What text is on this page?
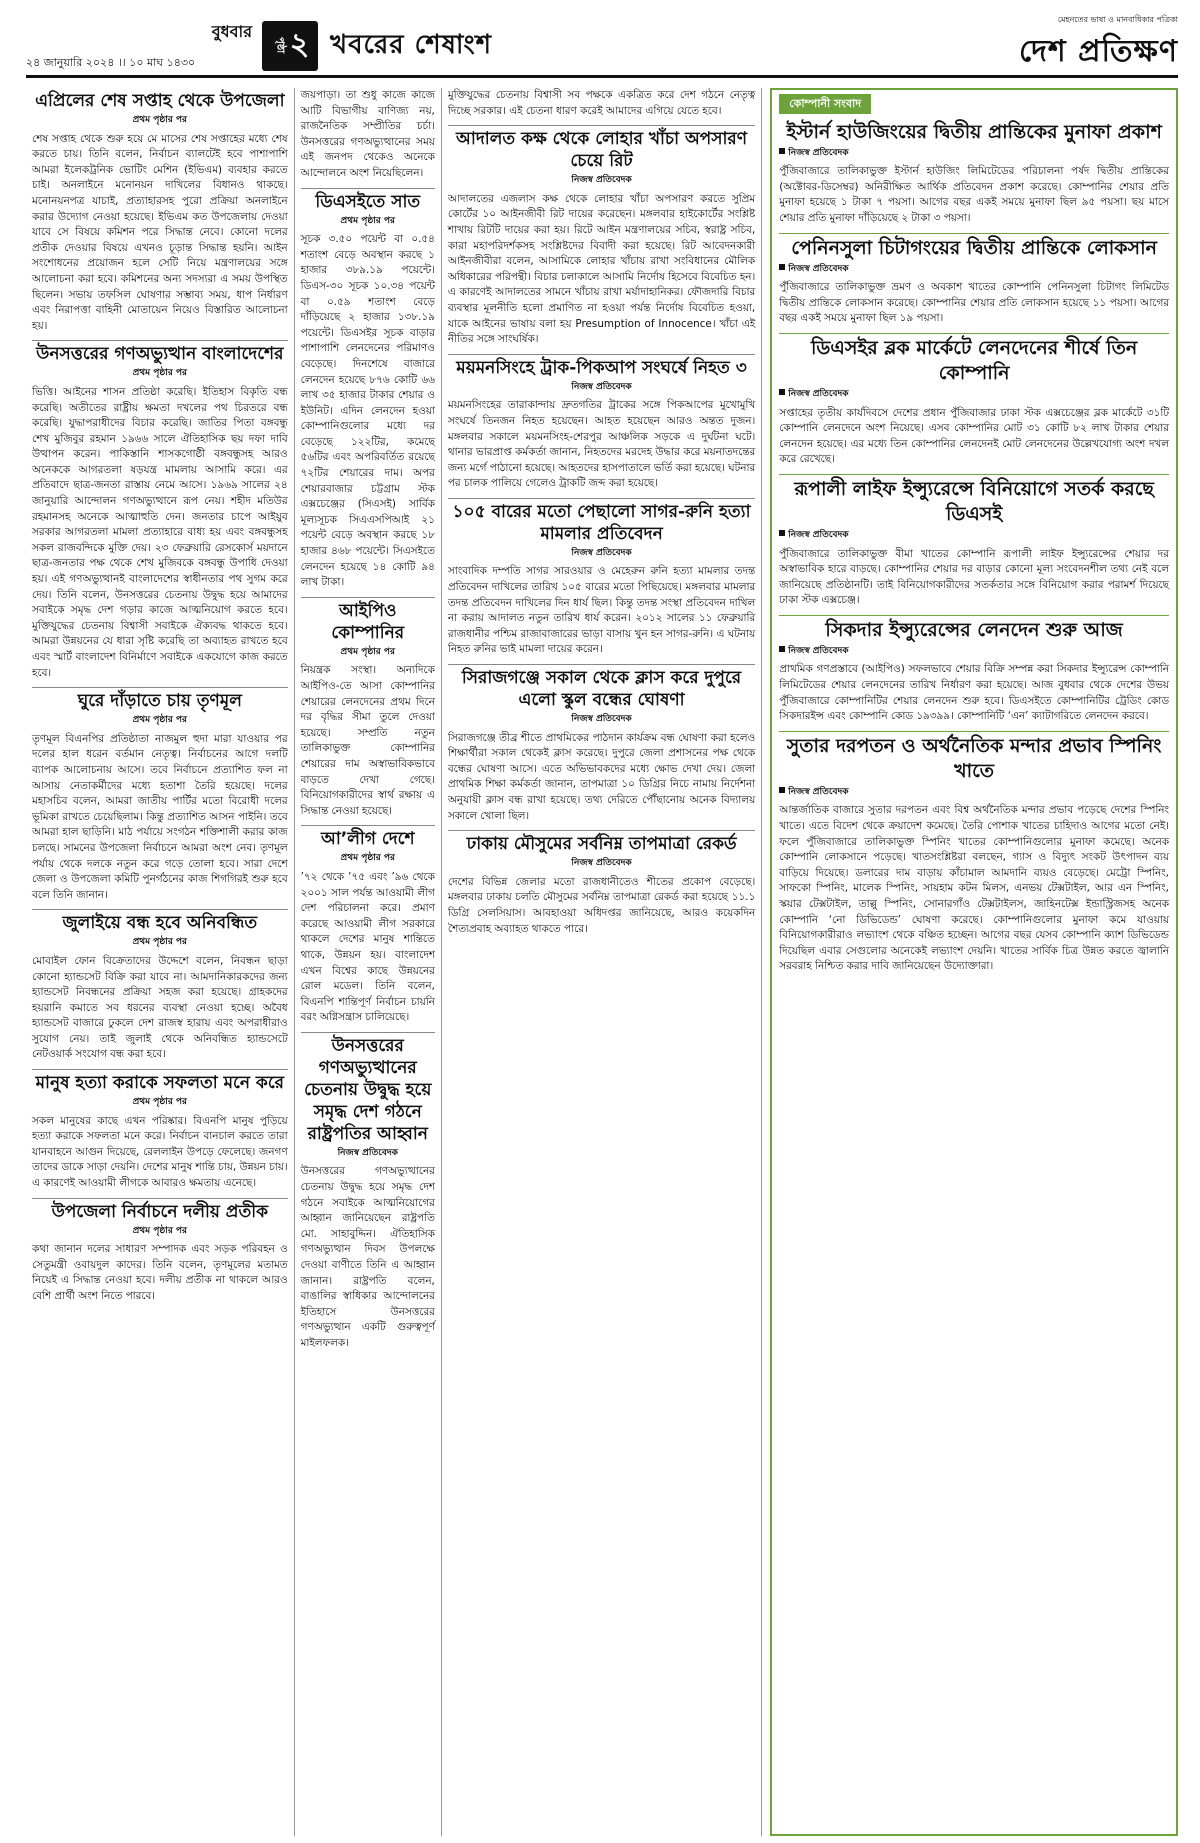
বুধবার
২৪ জানুয়ারি ২০২৪ ।। ১০ মাঘ ১৪৩০
পৃষ্ঠা ২ খবরের শেষাংশ
মেহনতের ভাষা ও মানবাধিকার পত্রিকা
দেশ প্রতিক্ষণ
এপ্রিলের শেষ সপ্তাহ থেকে উপজেলা
প্রথম পৃষ্ঠার পর
শেষ সপ্তাহ থেকে শুরু হয়ে মে মাসের শেষ সপ্তাহের মধ্যে শেষ করতে চায়। তিনি বলেন, নির্বাচন ব্যালটেই হবে পাশাপাশি আমরা ইলেকট্রনিক ভোটিং মেশিন (ইভিএম) ব্যবহার করতে চাই। অনলাইনে মনোনয়ন দাখিলের বিধানও থাকছে। মনোনয়নপত্র যাচাই, প্রত্যাহারসহ পুরো প্রক্রিয়া অনলাইনে করার উদ্যোগ নেওয়া হয়েছে। ইভিএম কত উপজেলায় দেওয়া যাবে সে বিষয়ে কমিশন পরে সিদ্ধান্ত নেবে। কোনো দলের প্রতীক দেওয়ার বিষয়ে এখনও চূড়ান্ত সিদ্ধান্ত হয়নি। আইন সংশোধনের প্রয়োজন হলে সেটি নিয়ে মন্ত্রণালয়ের সঙ্গে আলোচনা করা হবে। কমিশনের অন্য সদস্যরা এ সময় উপস্থিত ছিলেন। সভায় তফসিল ঘোষণার সম্ভাব্য সময়, ধাপ নির্ধারণ এবং নিরাপত্তা বাহিনী মোতায়েন নিয়েও বিস্তারিত আলোচনা হয়।
উনসত্তরের গণঅভ্যুত্থান বাংলাদেশের
প্রথম পৃষ্ঠার পর
ভিত্তি। আইনের শাসন প্রতিষ্ঠা করেছি। ইতিহাস বিকৃতি বন্ধ করেছি। অতীতের রাষ্ট্রীয় ক্ষমতা দখলের পথ চিরতরে বন্ধ করেছি। যুদ্ধাপরাধীদের বিচার করেছি। জাতির পিতা বঙ্গবন্ধু শেখ মুজিবুর রহমান ১৯৬৬ সালে ঐতিহাসিক ছয় দফা দাবি উত্থাপন করেন। পাকিস্তানি শাসকগোষ্ঠী বঙ্গবন্ধুসহ আরও অনেককে আগরতলা ষড়যন্ত্র মামলায় আসামি করে। এর প্রতিবাদে ছাত্র-জনতা রাস্তায় নেমে আসে। ১৯৬৯ সালের ২৪ জানুয়ারি আন্দোলন গণঅভ্যুত্থানে রূপ নেয়। শহীদ মতিউর রহমানসহ অনেকে আত্মাহুতি দেন। জনতার চাপে আইয়ুব সরকার আগরতলা মামলা প্রত্যাহারে বাধ্য হয় এবং বঙ্গবন্ধুসহ সকল রাজবন্দিকে মুক্তি দেয়। ২৩ ফেব্রুয়ারি রেসকোর্স ময়দানে ছাত্র-জনতার পক্ষ থেকে শেখ মুজিবকে বঙ্গবন্ধু উপাধি দেওয়া হয়। এই গণঅভ্যুত্থানই বাংলাদেশের স্বাধীনতার পথ সুগম করে দেয়। তিনি বলেন, উনসত্তরের চেতনায় উদ্বুদ্ধ হয়ে আমাদের সবাইকে সমৃদ্ধ দেশ গড়ার কাজে আত্মনিয়োগ করতে হবে। মুক্তিযুদ্ধের চেতনায় বিশ্বাসী সবাইকে ঐক্যবদ্ধ থাকতে হবে। আমরা উন্নয়নের যে ধারা সৃষ্টি করেছি তা অব্যাহত রাখতে হবে এবং স্মার্ট বাংলাদেশ বিনির্মাণে সবাইকে একযোগে কাজ করতে হবে।
ঘুরে দাঁড়াতে চায় তৃণমূল
প্রথম পৃষ্ঠার পর
তৃণমূল বিএনপির প্রতিষ্ঠাতা নাজমুল হুদা মারা যাওয়ার পর দলের হাল ধরেন বর্তমান নেতৃত্ব। নির্বাচনের আগে দলটি ব্যাপক আলোচনায় আসে। তবে নির্বাচনে প্রত্যাশিত ফল না আসায় নেতাকর্মীদের মধ্যে হতাশা তৈরি হয়েছে। দলের মহাসচিব বলেন, আমরা জাতীয় পার্টির মতো বিরোধী দলের ভূমিকা রাখতে চেয়েছিলাম। কিন্তু প্রত্যাশিত আসন পাইনি। তবে আমরা হাল ছাড়িনি। মাঠ পর্যায়ে সংগঠন শক্তিশালী করার কাজ চলছে। সামনের উপজেলা নির্বাচনে আমরা অংশ নেব। তৃণমূল পর্যায় থেকে দলকে নতুন করে গড়ে তোলা হবে। সারা দেশে জেলা ও উপজেলা কমিটি পুনর্গঠনের কাজ শিগগিরই শুরু হবে বলে তিনি জানান।
জুলাইয়ে বন্ধ হবে অনিবন্ধিত
প্রথম পৃষ্ঠার পর
মোবাইল ফোন বিক্রেতাদের উদ্দেশে বলেন, নিবন্ধন ছাড়া কোনো হ্যান্ডসেট বিক্রি করা যাবে না। আমদানিকারকদের জন্য হ্যান্ডসেট নিবন্ধনের প্রক্রিয়া সহজ করা হয়েছে। গ্রাহকদের হয়রানি কমাতে সব ধরনের ব্যবস্থা নেওয়া হচ্ছে। অবৈধ হ্যান্ডসেট বাজারে ঢুকলে দেশ রাজস্ব হারায় এবং অপরাধীরাও সুযোগ নেয়। তাই জুলাই থেকে অনিবন্ধিত হ্যান্ডসেটে নেটওয়ার্ক সংযোগ বন্ধ করা হবে।
মানুষ হত্যা করাকে সফলতা মনে করে
প্রথম পৃষ্ঠার পর
সকল মানুষের কাছে এখন পরিষ্কার। বিএনপি মানুষ পুড়িয়ে হত্যা করাকে সফলতা মনে করে। নির্বাচন বানচাল করতে তারা যানবাহনে আগুন দিয়েছে, রেললাইন উপড়ে ফেলেছে। জনগণ তাদের ডাকে সাড়া দেয়নি। দেশের মানুষ শান্তি চায়, উন্নয়ন চায়। এ কারণেই আওয়ামী লীগকে আবারও ক্ষমতায় এনেছে।
উপজেলা নির্বাচনে দলীয় প্রতীক
প্রথম পৃষ্ঠার পর
কথা জানান দলের সাধারণ সম্পাদক এবং সড়ক পরিবহন ও সেতুমন্ত্রী ওবায়দুল কাদের। তিনি বলেন, তৃণমূলের মতামত নিয়েই এ সিদ্ধান্ত নেওয়া হবে। দলীয় প্রতীক না থাকলে আরও বেশি প্রার্থী অংশ নিতে পারবে।
জয়পাড়া। তা শুধু কাজে কাজে আটি বিভাগীয় বাণিজ্য নয়, রাজনৈতিক সম্প্রীতির চর্চা। উনসত্তরের গণঅভ্যুত্থানের সময় এই জনপদ থেকেও অনেকে আন্দোলনে অংশ নিয়েছিলেন।
ডিএসইতে সাত
প্রথম পৃষ্ঠার পর
সূচক ৩.৫০ পয়েন্ট বা ০.৫৪ শতাংশ বেড়ে অবস্থান করছে ১ হাজার ৩৮৯.১৯ পয়েন্টে। ডিএস-৩০ সূচক ১০.৩৪ পয়েন্ট বা ০.৫৯ শতাংশ বেড়ে দাঁড়িয়েছে ২ হাজার ১৩৮.১৯ পয়েন্টে। ডিএসইর সূচক বাড়ার পাশাপাশি লেনদেনের পরিমাণও বেড়েছে। দিনশেষে বাজারে লেনদেন হয়েছে ৮৭৬ কোটি ৬৬ লাখ ৩৫ হাজার টাকার শেয়ার ও ইউনিট। এদিন লেনদেন হওয়া কোম্পানিগুলোর মধ্যে দর বেড়েছে ১২২টির, কমেছে ৫৬টির এবং অপরিবর্তিত রয়েছে ৭২টির শেয়ারের দাম। অপর শেয়ারবাজার চট্টগ্রাম স্টক এক্সচেঞ্জের (সিএসই) সার্বিক মূল্যসূচক সিএএসপিআই ২১ পয়েন্ট বেড়ে অবস্থান করছে ১৮ হাজার ৪৬৮ পয়েন্টে। সিএসইতে লেনদেন হয়েছে ১৪ কোটি ৯৪ লাখ টাকা।
আইপিও কোম্পানির
প্রথম পৃষ্ঠার পর
নিয়ন্ত্রক সংস্থা। অন্যদিকে আইপিও-তে আসা কোম্পানির শেয়ারের লেনদেনের প্রথম দিনে দর বৃদ্ধির সীমা তুলে দেওয়া হয়েছে। সম্প্রতি নতুন তালিকাভুক্ত কোম্পানির শেয়ারের দাম অস্বাভাবিকভাবে বাড়তে দেখা গেছে। বিনিয়োগকারীদের স্বার্থ রক্ষায় এ সিদ্ধান্ত নেওয়া হয়েছে।
আ’লীগ দেশে
প্রথম পৃষ্ঠার পর
’৭২ থেকে ’৭৫ এবং ’৯৬ থেকে ২০০১ সাল পর্যন্ত আওয়ামী লীগ দেশ পরিচালনা করে। প্রমাণ করেছে আওয়ামী লীগ সরকারে থাকলে দেশের মানুষ শান্তিতে থাকে, উন্নয়ন হয়। বাংলাদেশ এখন বিশ্বের কাছে উন্নয়নের রোল মডেল। তিনি বলেন, বিএনপি শান্তিপূর্ণ নির্বাচন চায়নি বরং অগ্নিসন্ত্রাস চালিয়েছে।
উনসত্তরের গণঅভ্যুত্থানের চেতনায় উদ্বুদ্ধ হয়ে সমৃদ্ধ দেশ গঠনে রাষ্ট্রপতির আহ্বান
নিজস্ব প্রতিবেদক
উনসত্তরের গণঅভ্যুত্থানের চেতনায় উদ্বুদ্ধ হয়ে সমৃদ্ধ দেশ গঠনে সবাইকে আত্মনিয়োগের আহ্বান জানিয়েছেন রাষ্ট্রপতি মো. সাহাবুদ্দিন। ঐতিহাসিক গণঅভ্যুত্থান দিবস উপলক্ষে দেওয়া বাণীতে তিনি এ আহ্বান জানান। রাষ্ট্রপতি বলেন, বাঙালির স্বাধিকার আন্দোলনের ইতিহাসে উনসত্তরের গণঅভ্যুত্থান একটি গুরুত্বপূর্ণ মাইলফলক।
মুক্তিযুদ্ধের চেতনায় বিশ্বাসী সব পক্ষকে একত্রিত করে দেশ গঠনে নেতৃত্ব দিচ্ছে সরকার। এই চেতনা ধারণ করেই আমাদের এগিয়ে যেতে হবে।
আদালত কক্ষ থেকে লোহার খাঁচা অপসারণ চেয়ে রিট
নিজস্ব প্রতিবেদক
আদালতের এজলাস কক্ষ থেকে লোহার খাঁচা অপসারণ করতে সুপ্রিম কোর্টের ১০ আইনজীবী রিট দায়ের করেছেন। মঙ্গলবার হাইকোর্টের সংশ্লিষ্ট শাখায় রিটটি দায়ের করা হয়। রিটে আইন মন্ত্রণালয়ের সচিব, স্বরাষ্ট্র সচিব, কারা মহাপরিদর্শকসহ সংশ্লিষ্টদের বিবাদী করা হয়েছে। রিট আবেদনকারী আইনজীবীরা বলেন, আসামিকে লোহার খাঁচায় রাখা সংবিধানের মৌলিক অধিকারের পরিপন্থী। বিচার চলাকালে আসামি নির্দোষ হিসেবে বিবেচিত হন। এ কারণেই আদালতের সামনে খাঁচায় রাখা মর্যাদাহানিকর। ফৌজদারি বিচার ব্যবস্থার মূলনীতি হলো প্রমাণিত না হওয়া পর্যন্ত নির্দোষ বিবেচিত হওয়া, যাকে আইনের ভাষায় বলা হয় Presumption of Innocence। খাঁচা এই নীতির সঙ্গে সাংঘর্ষিক।
ময়মনসিংহে ট্রাক-পিকআপ সংঘর্ষে নিহত ৩
নিজস্ব প্রতিবেদক
ময়মনসিংহের তারাকান্দায় দ্রুতগতির ট্রাকের সঙ্গে পিকআপের মুখোমুখি সংঘর্ষে তিনজন নিহত হয়েছেন। আহত হয়েছেন আরও অন্তত দুজন। মঙ্গলবার সকালে ময়মনসিংহ-শেরপুর আঞ্চলিক সড়কে এ দুর্ঘটনা ঘটে। থানার ভারপ্রাপ্ত কর্মকর্তা জানান, নিহতদের মরদেহ উদ্ধার করে ময়নাতদন্তের জন্য মর্গে পাঠানো হয়েছে। আহতদের হাসপাতালে ভর্তি করা হয়েছে। ঘটনার পর চালক পালিয়ে গেলেও ট্রাকটি জব্দ করা হয়েছে।
১০৫ বারের মতো পেছালো সাগর-রুনি হত্যা মামলার প্রতিবেদন
নিজস্ব প্রতিবেদক
সাংবাদিক দম্পতি সাগর সারওয়ার ও মেহেরুন রুনি হত্যা মামলার তদন্ত প্রতিবেদন দাখিলের তারিখ ১০৫ বারের মতো পিছিয়েছে। মঙ্গলবার মামলার তদন্ত প্রতিবেদন দাখিলের দিন ধার্য ছিল। কিন্তু তদন্ত সংস্থা প্রতিবেদন দাখিল না করায় আদালত নতুন তারিখ ধার্য করেন। ২০১২ সালের ১১ ফেব্রুয়ারি রাজধানীর পশ্চিম রাজাবাজারের ভাড়া বাসায় খুন হন সাগর-রুনি। এ ঘটনায় নিহত রুনির ভাই মামলা দায়ের করেন।
সিরাজগঞ্জে সকাল থেকে ক্লাস করে দুপুরে এলো স্কুল বন্ধের ঘোষণা
নিজস্ব প্রতিবেদক
সিরাজগঞ্জে তীব্র শীতে প্রাথমিকের পাঠদান কার্যক্রম বন্ধ ঘোষণা করা হলেও শিক্ষার্থীরা সকাল থেকেই ক্লাস করেছে। দুপুরে জেলা প্রশাসনের পক্ষ থেকে বন্ধের ঘোষণা আসে। এতে অভিভাবকদের মধ্যে ক্ষোভ দেখা দেয়। জেলা প্রাথমিক শিক্ষা কর্মকর্তা জানান, তাপমাত্রা ১০ ডিগ্রির নিচে নামায় নির্দেশনা অনুযায়ী ক্লাস বন্ধ রাখা হয়েছে। তথ্য দেরিতে পৌঁছানোয় অনেক বিদ্যালয় সকালে খোলা ছিল।
ঢাকায় মৌসুমের সর্বনিম্ন তাপমাত্রা রেকর্ড
নিজস্ব প্রতিবেদক
দেশের বিভিন্ন জেলার মতো রাজধানীতেও শীতের প্রকোপ বেড়েছে। মঙ্গলবার ঢাকায় চলতি মৌসুমের সর্বনিম্ন তাপমাত্রা রেকর্ড করা হয়েছে ১১.১ ডিগ্রি সেলসিয়াস। আবহাওয়া অধিদপ্তর জানিয়েছে, আরও কয়েকদিন শৈত্যপ্রবাহ অব্যাহত থাকতে পারে।
কোম্পানী সংবাদ
ইস্টার্ন হাউজিংয়ের দ্বিতীয় প্রান্তিকের মুনাফা প্রকাশ
নিজস্ব প্রতিবেদক
পুঁজিবাজারে তালিকাভুক্ত ইস্টার্ন হাউজিং লিমিটেডের পরিচালনা পর্ষদ দ্বিতীয় প্রান্তিকের (অক্টোবর-ডিসেম্বর) অনিরীক্ষিত আর্থিক প্রতিবেদন প্রকাশ করেছে। কোম্পানির শেয়ার প্রতি মুনাফা হয়েছে ১ টাকা ৭ পয়সা। আগের বছর একই সময়ে মুনাফা ছিল ৯৫ পয়সা। ছয় মাসে শেয়ার প্রতি মুনাফা দাঁড়িয়েছে ২ টাকা ৩ পয়সা।
পেনিনসুলা চিটাগংয়ের দ্বিতীয় প্রান্তিকে লোকসান
নিজস্ব প্রতিবেদক
পুঁজিবাজারে তালিকাভুক্ত ভ্রমণ ও অবকাশ খাতের কোম্পানি পেনিনসুলা চিটাগং লিমিটেড দ্বিতীয় প্রান্তিকে লোকসান করেছে। কোম্পানির শেয়ার প্রতি লোকসান হয়েছে ১১ পয়সা। আগের বছর একই সময়ে মুনাফা ছিল ১৯ পয়সা।
ডিএসইর ব্লক মার্কেটে লেনদেনের শীর্ষে তিন কোম্পানি
নিজস্ব প্রতিবেদক
সপ্তাহের তৃতীয় কার্যদিবসে দেশের প্রধান পুঁজিবাজার ঢাকা স্টক এক্সচেঞ্জের ব্লক মার্কেটে ৩১টি কোম্পানি লেনদেনে অংশ নিয়েছে। এসব কোম্পানির মোট ৩১ কোটি ৮২ লাখ টাকার শেয়ার লেনদেন হয়েছে। এর মধ্যে তিন কোম্পানির লেনদেনই মোট লেনদেনের উল্লেখযোগ্য অংশ দখল করে রেখেছে।
রূপালী লাইফ ইন্স্যুরেন্সে বিনিয়োগে সতর্ক করছে ডিএসই
নিজস্ব প্রতিবেদক
পুঁজিবাজারে তালিকাভুক্ত বীমা খাতের কোম্পানি রূপালী লাইফ ইন্স্যুরেন্সের শেয়ার দর অস্বাভাবিক হারে বাড়ছে। কোম্পানির শেয়ার দর বাড়ার কোনো মূল্য সংবেদনশীল তথ্য নেই বলে জানিয়েছে প্রতিষ্ঠানটি। তাই বিনিয়োগকারীদের সতর্কতার সঙ্গে বিনিয়োগ করার পরামর্শ দিয়েছে ঢাকা স্টক এক্সচেঞ্জ।
সিকদার ইন্স্যুরেন্সের লেনদেন শুরু আজ
নিজস্ব প্রতিবেদক
প্রাথমিক গণপ্রস্তাবে (আইপিও) সফলভাবে শেয়ার বিক্রি সম্পন্ন করা সিকদার ইন্স্যুরেন্স কোম্পানি লিমিটেডের শেয়ার লেনদেনের তারিখ নির্ধারণ করা হয়েছে। আজ বুধবার থেকে দেশের উভয় পুঁজিবাজারে কোম্পানিটির শেয়ার লেনদেন শুরু হবে। ডিএসইতে কোম্পানিটির ট্রেডিং কোড সিকদারইন্স এবং কোম্পানি কোড ১৯৩৯৯। কোম্পানিটি ‘এন’ ক্যাটাগরিতে লেনদেন করবে।
সুতার দরপতন ও অর্থনৈতিক মন্দার প্রভাব স্পিনিং খাতে
নিজস্ব প্রতিবেদক
আন্তর্জাতিক বাজারে সুতার দরপতন এবং বিশ্ব অর্থনৈতিক মন্দার প্রভাব পড়েছে দেশের স্পিনিং খাতে। এতে বিদেশ থেকে ক্রয়াদেশ কমেছে। তৈরি পোশাক খাতের চাহিদাও আগের মতো নেই। ফলে পুঁজিবাজারে তালিকাভুক্ত স্পিনিং খাতের কোম্পানিগুলোর মুনাফা কমেছে। অনেক কোম্পানি লোকসানে পড়েছে। খাতসংশ্লিষ্টরা বলছেন, গ্যাস ও বিদ্যুৎ সংকট উৎপাদন ব্যয় বাড়িয়ে দিয়েছে। ডলারের দাম বাড়ায় কাঁচামাল আমদানি ব্যয়ও বেড়েছে। মেট্রো স্পিনিং, সাফকো স্পিনিং, মালেক স্পিনিং, সায়হাম কটন মিলস, এনভয় টেক্সটাইল, আর এন স্পিনিং, স্কয়ার টেক্সটাইল, তাল্লু স্পিনিং, সোনারগাঁও টেক্সটাইলস, জাহিনটেক্স ইন্ডাস্ট্রিজসহ অনেক কোম্পানি ‘নো ডিভিডেন্ড’ ঘোষণা করেছে। কোম্পানিগুলোর মুনাফা কমে যাওয়ায় বিনিয়োগকারীরাও লভ্যাংশ থেকে বঞ্চিত হচ্ছেন। আগের বছর যেসব কোম্পানি ক্যাশ ডিভিডেন্ড দিয়েছিল এবার সেগুলোর অনেকেই লভ্যাংশ দেয়নি। খাতের সার্বিক চিত্র উন্নত করতে জ্বালানি সরবরাহ নিশ্চিত করার দাবি জানিয়েছেন উদ্যোক্তারা।
